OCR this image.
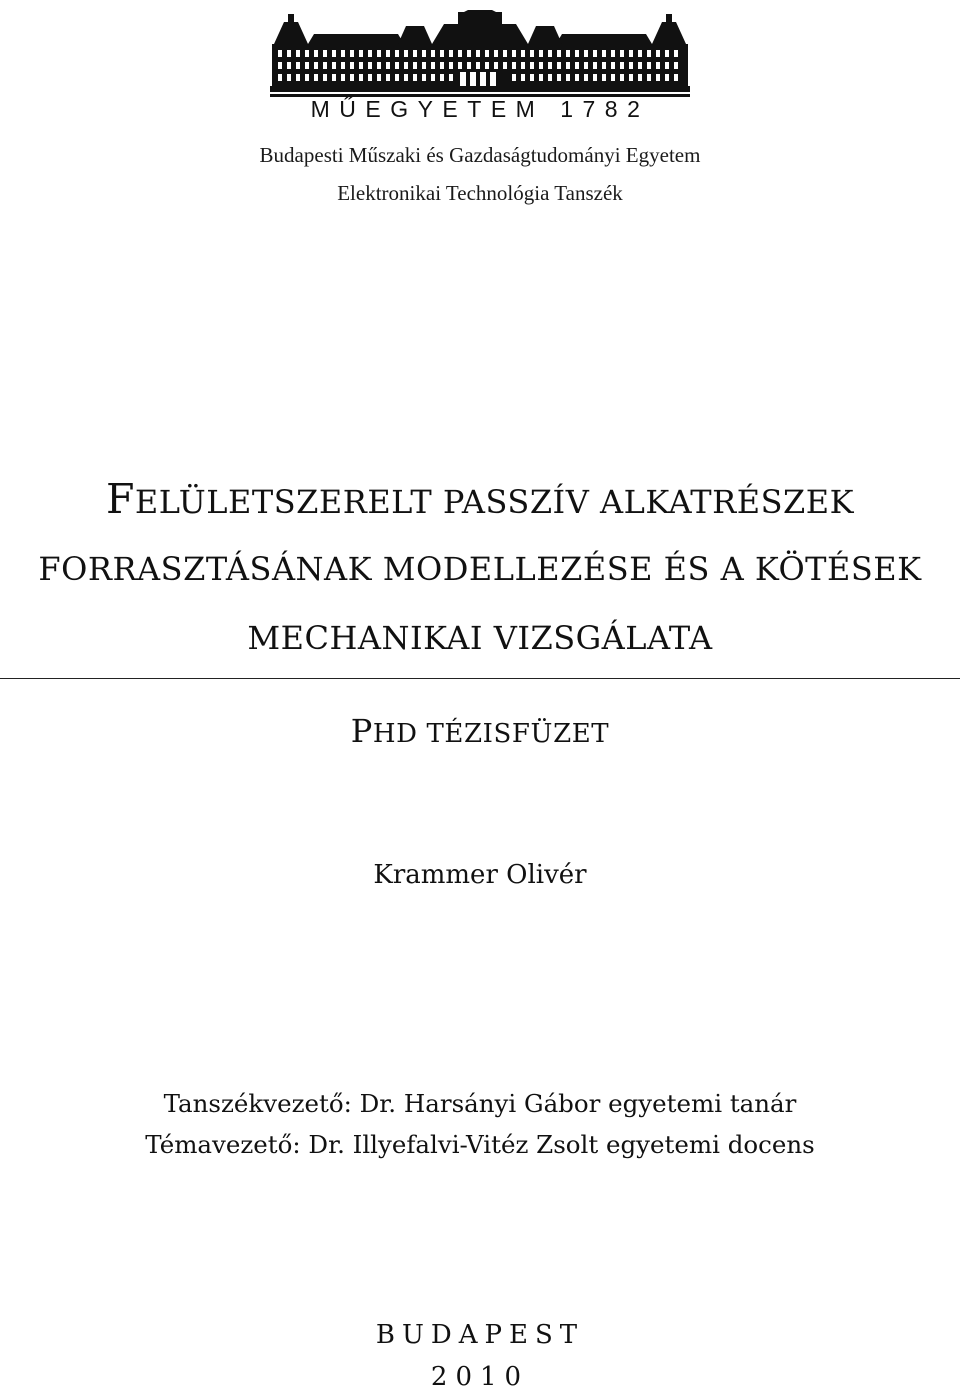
MŰEGYETEM 1782
Budapesti Műszaki és Gazdaságtudományi Egyetem
Elektronikai Technológia Tanszék
FELÜLETSZERELT PASSZÍV ALKATRÉSZEK
FORRASZTÁSÁNAK MODELLEZÉSE ÉS A KÖTÉSEK
MECHANIKAI VIZSGÁLATA
PHD TÉZISFÜZET
Krammer Olivér
Tanszékvezető: Dr. Harsányi Gábor egyetemi tanár
Témavezető: Dr. Illyefalvi-Vitéz Zsolt egyetemi docens
BUDAPEST
2010
